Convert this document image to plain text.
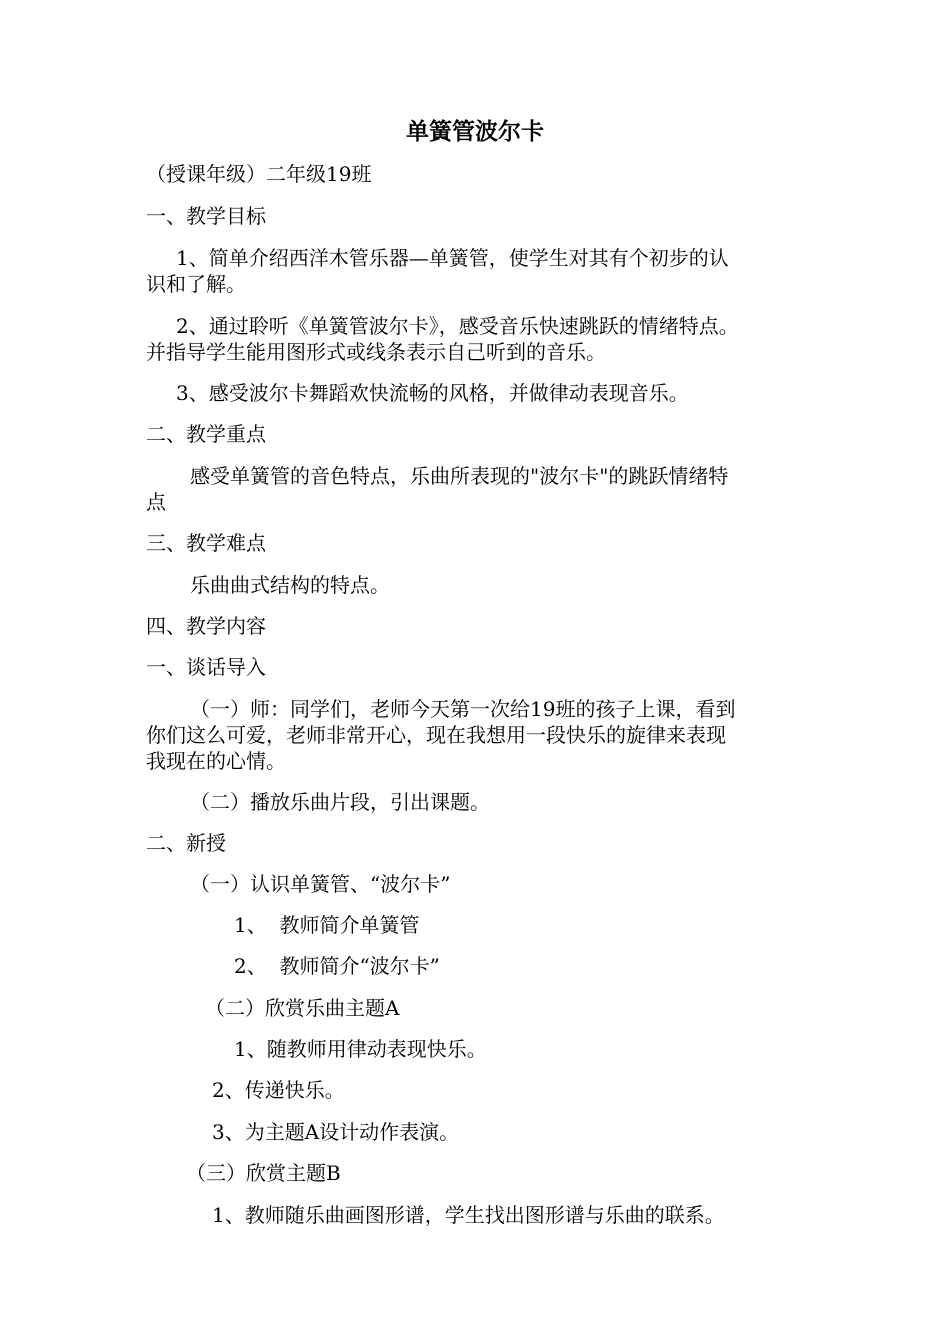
单簧管波尔卡
（授课年级）二年级19班
一、教学目标
1、简单介绍西洋木管乐器—单簧管，使学生对其有个初步的认
识和了解。
2、通过聆听《单簧管波尔卡》，感受音乐快速跳跃的情绪特点。
并指导学生能用图形式或线条表示自己听到的音乐。
3、感受波尔卡舞蹈欢快流畅的风格，并做律动表现音乐。
二、教学重点
感受单簧管的音色特点，乐曲所表现的"波尔卡"的跳跃情绪特
点
三、教学难点
乐曲曲式结构的特点。
四、教学内容
一、谈话导入
（一）师：同学们，老师今天第一次给19班的孩子上课，看到
你们这么可爱，老师非常开心，现在我想用一段快乐的旋律来表现
我现在的心情。
（二）播放乐曲片段，引出课题。
二、新授
（一）认识单簧管、“波尔卡”
1、  教师简介单簧管
2、  教师简介“波尔卡”
（二）欣赏乐曲主题A
1、随教师用律动表现快乐。
2、传递快乐。
3、为主题A设计动作表演。
（三）欣赏主题B
1、教师随乐曲画图形谱，学生找出图形谱与乐曲的联系。
